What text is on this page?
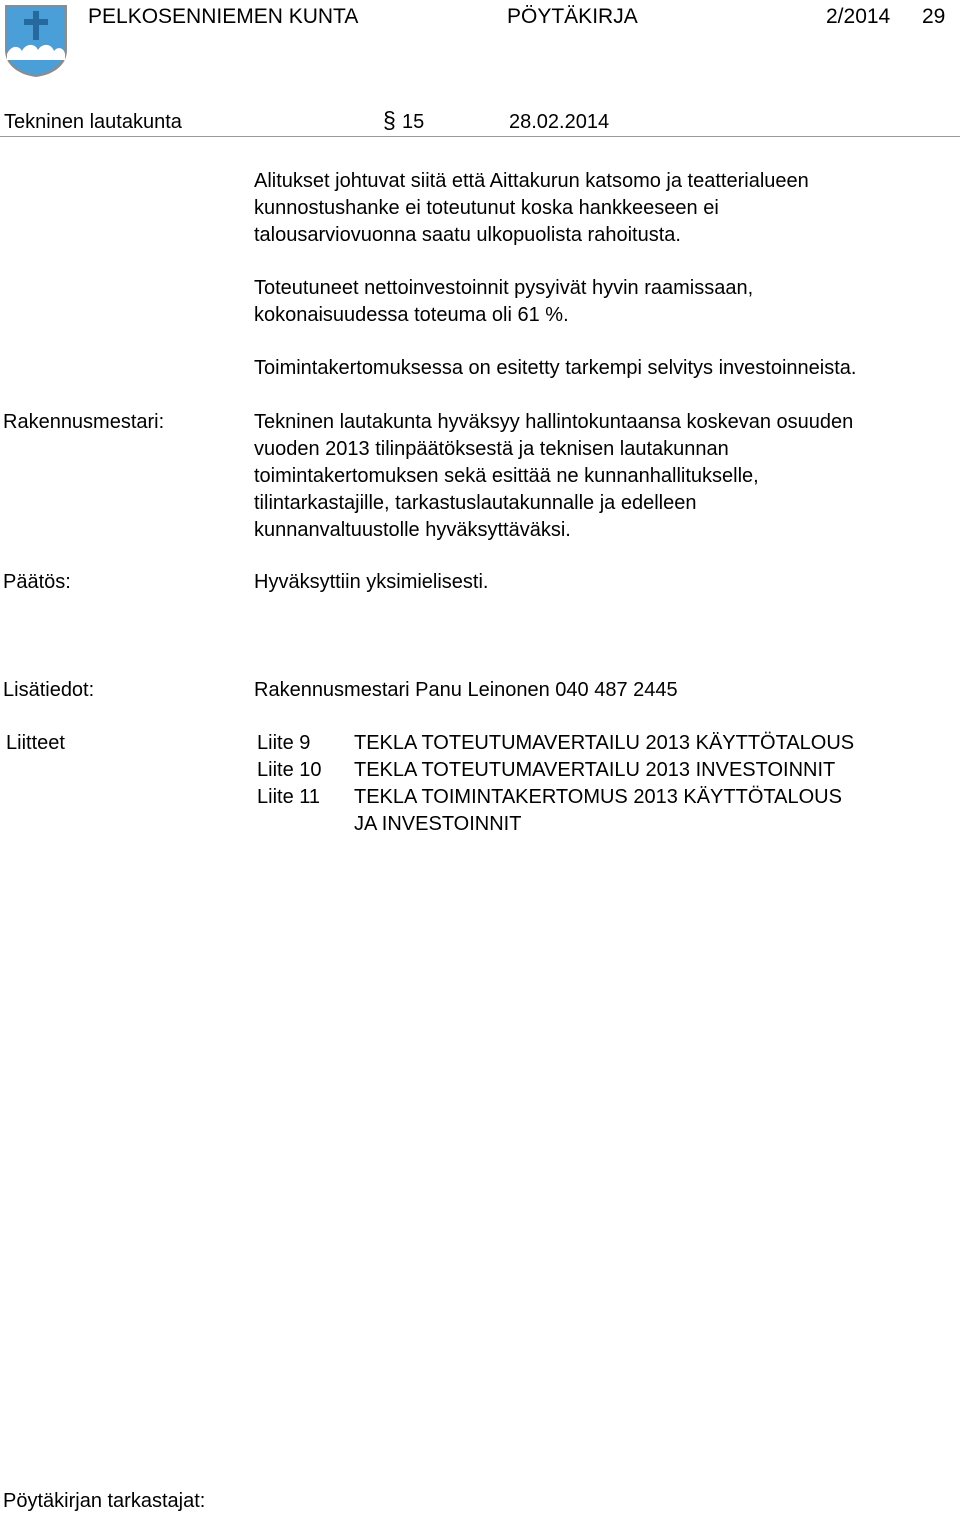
PELKOSENNIEMEN KUNTA	PÖYTÄKIRJA	2/2014 29
Tekninen lautakunta	§ 15	28.02.2014
Alitukset johtuvat siitä että Aittakurun katsomo ja teatterialueen
kunnostushanke ei toteutunut koska hankkeeseen ei
talousarviovuonna saatu ulkopuolista rahoitusta.
Toteutuneet nettoinvestoinnit pysyivät hyvin raamissaan,
kokonaisuudessa toteuma oli 61 %.
Toimintakertomuksessa on esitetty tarkempi selvitys investoinneista.
Rakennusmestari:	Tekninen lautakunta hyväksyy hallintokuntaansa koskevan osuuden
vuoden 2013 tilinpäätöksestä ja teknisen lautakunnan
toimintakertomuksen sekä esittää ne kunnanhallitukselle,
tilintarkastajille, tarkastuslautakunnalle ja edelleen
kunnanvaltuustolle hyväksyttäväksi.
Päätös:	Hyväksyttiin yksimielisesti.
Lisätiedot:	Rakennusmestari Panu Leinonen 040 487 2445
Liitteet	Liite 9 TEKLA TOTEUTUMAVERTAILU 2013 KÄYTTÖTALOUS
Liite 10 TEKLA TOTEUTUMAVERTAILU 2013 INVESTOINNIT
Liite 11 TEKLA TOIMINTAKERTOMUS 2013 KÄYTTÖTALOUS
JA INVESTOINNIT
Pöytäkirjan tarkastajat:
